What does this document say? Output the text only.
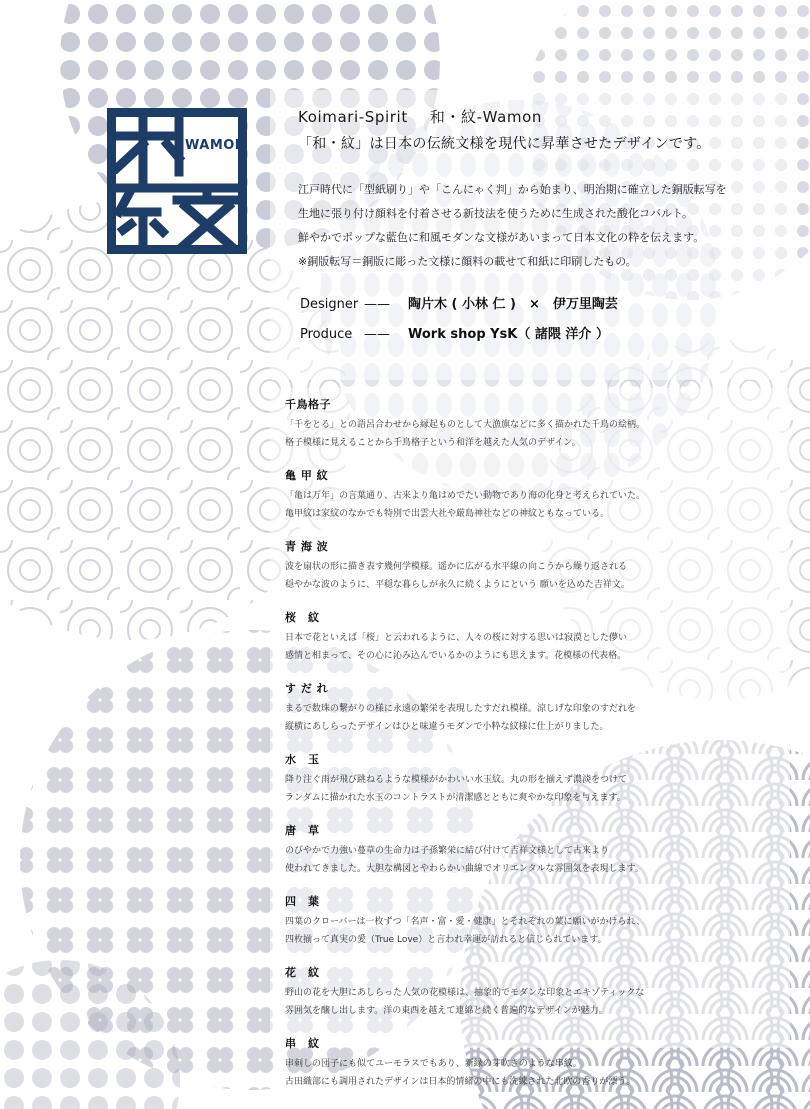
WAMON
Koimari-Spirit 和・紋-Wamon
「和・紋」は日本の伝統文様を現代に昇華させたデザインです。

江戸時代に「型紙刷り」や「こんにゃく判」から始まり、明治期に確立した銅版転写を

生地に張り付け顔料を付着させる新技法を使うために生成された酸化コバルト。

鮮やかでポップな藍色に和風モダンな文様があいまって日本文化の粋を伝えます。

※銅版転写＝銅版に彫った文様に顔料の載せて和紙に印刷したもの。

Designer —— 陶片木 ( 小林 仁 )　×　伊万里陶芸
Produce —— Work shop YsK（ 諸隈 洋介 ）
千鳥格子

「千をとる」との語呂合わせから縁起ものとして大漁旗などに多く描かれた千鳥の絵柄。

格子模様に見えることから千鳥格子という和洋を越えた人気のデザイン。

亀 甲 紋

「亀は万年」の言葉通り、古来より亀はめでたい動物であり海の化身と考えられていた。

亀甲紋は家紋のなかでも特別で出雲大社や厳島神社などの神紋ともなっている。

青 海 波

波を扇状の形に描き表す幾何学模様。遥かに広がる水平線の向こうから繰り返される

穏やかな波のように、平穏な暮らしが永久に続くようにという 願いを込めた吉祥文。

桜　紋

日本で花といえば「桜」と云われるように、人々の桜に対する思いは寂漠とした儚い

感情と相まって、その心に沁み込んでいるかのようにも思えます。花模様の代表格。

す だ れ

まるで数珠の繋がりの様に永遠の繁栄を表現したすだれ模様。涼しげな印象のすだれを

縦横にあしらったデザインはひと味違うモダンで小粋な紋様に仕上がりました。

水　玉

降り注ぐ雨が飛び跳ねるような模様がかわいい水玉紋。丸の形を揃えず濃淡をつけて

ランダムに描かれた水玉のコントラストが清潔感とともに爽やかな印象を与えます。

唐　草

のびやかで力強い蔓草の生命力は子孫繁栄に結び付けて吉祥文様として古来より

使われてきました。大胆な構図とやわらかい曲線でオリエンタルな雰囲気を表現します。

四　葉

四葉のクローバーは一枚ずつ「名声・富・愛・健康」とそれぞれの葉に願いがかけられ、

四枚揃って真実の愛（True Love）と言われ幸運が訪れると信じられています。

花　紋

野山の花を大胆にあしらった人気の花模様は、抽象的でモダンな印象とエキゾティックな

雰囲気を醸し出します。洋の東西を越えて連綿と続く普遍的なデザインが魅力。

串　紋

串刺しの団子にも似てユーモラスでもあり、新緑の芽吹きのような串紋。

古田織部にも調用されたデザインは日本的情緒の中にも洗練された北欧の香りが漂う。
